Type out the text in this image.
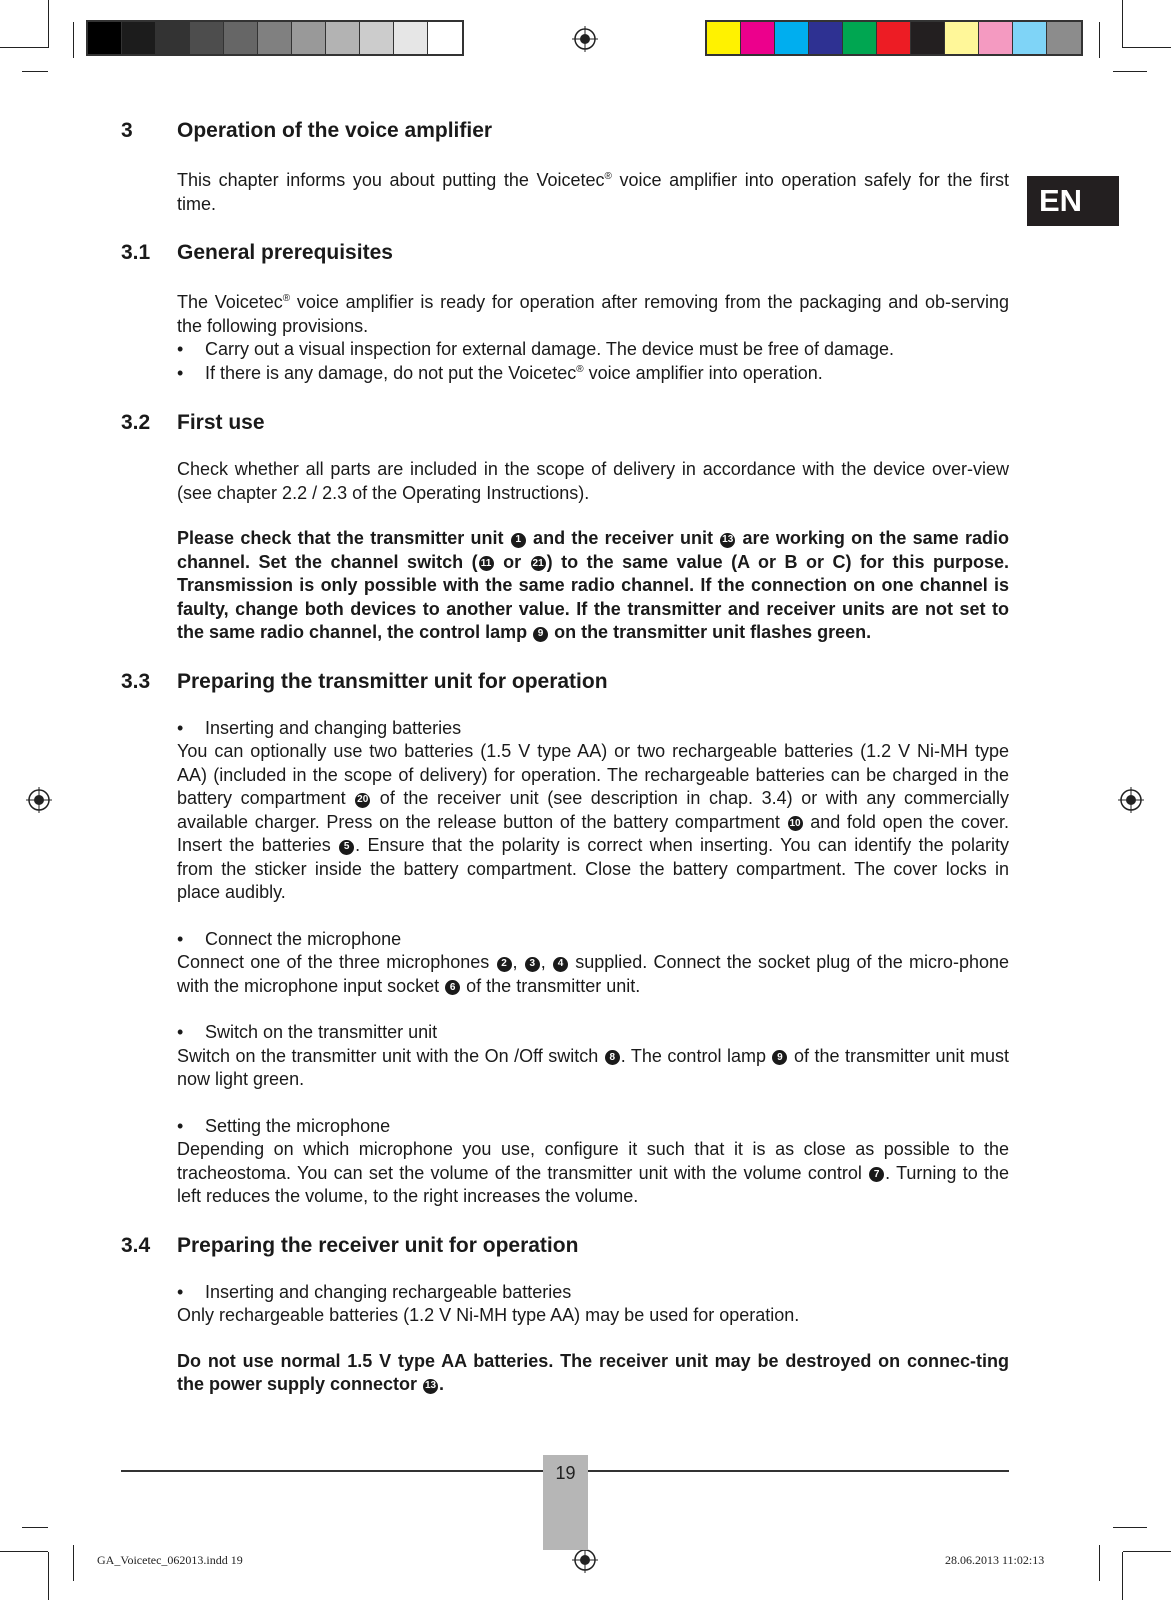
EN
3	Operation of the voice amplifier

This chapter informs you about putting the Voicetec® voice amplifier into operation safely for the first time.

3.1	General prerequisites

The Voicetec® voice amplifier is ready for operation after removing from the packaging and ob-serving the following provisions.

•	Carry out a visual inspection for external damage. The device must be free of damage.
•	If there is any damage, do not put the Voicetec® voice amplifier into operation.
3.2	First use

Check whether all parts are included in the scope of delivery in accordance with the device over-view (see chapter 2.2 / 2.3 of the Operating Instructions).

Please check that the transmitter unit 1 and the receiver unit 13 are working on the same radio channel. Set the channel switch ( 11 or 21 ) to the same value (A or B or C) for this purpose. Transmission is only possible with the same radio channel. If the connection on one channel is faulty, change both devices to another value. If the transmitter and receiver units are not set to the same radio channel, the control lamp 9 on the transmitter unit flashes green.

3.3	Preparing the transmitter unit for operation
•	Inserting and changing batteries

You can optionally use two batteries (1.5 V type AA) or two rechargeable batteries (1.2 V Ni-MH type AA) (included in the scope of delivery) for operation. The rechargeable batteries can be charged in the battery compartment 20 of the receiver unit (see description in chap. 3.4) or with any commercially available charger. Press on the release button of the battery compartment 10 and fold open the cover. Insert the batteries 5 . Ensure that the polarity is correct when inserting. You can identify the polarity from the sticker inside the battery compartment. Close the battery compartment. The cover locks in place audibly.

•	Connect the microphone

Connect one of the three microphones 2 , 3 , 4 supplied. Connect the socket plug of the micro-phone with the microphone input socket 6 of the transmitter unit.

•	Switch on the transmitter unit

Switch on the transmitter unit with the On /Off switch 8 . The control lamp 9 of the transmitter unit must now light green.

•	Setting the microphone

Depending on which microphone you use, configure it such that it is as close as possible to the tracheostoma. You can set the volume of the transmitter unit with the volume control 7 . Turning to the left reduces the volume, to the right increases the volume.

3.4	Preparing the receiver unit for operation
•	Inserting and changing rechargeable batteries

Only rechargeable batteries (1.2 V Ni-MH type AA) may be used for operation.

Do not use normal 1.5 V type AA batteries. The receiver unit may be destroyed on connec-ting the power supply connector 13 .

19
GA_Voicetec_062013.indd 19	28.06.2013 11:02:13
